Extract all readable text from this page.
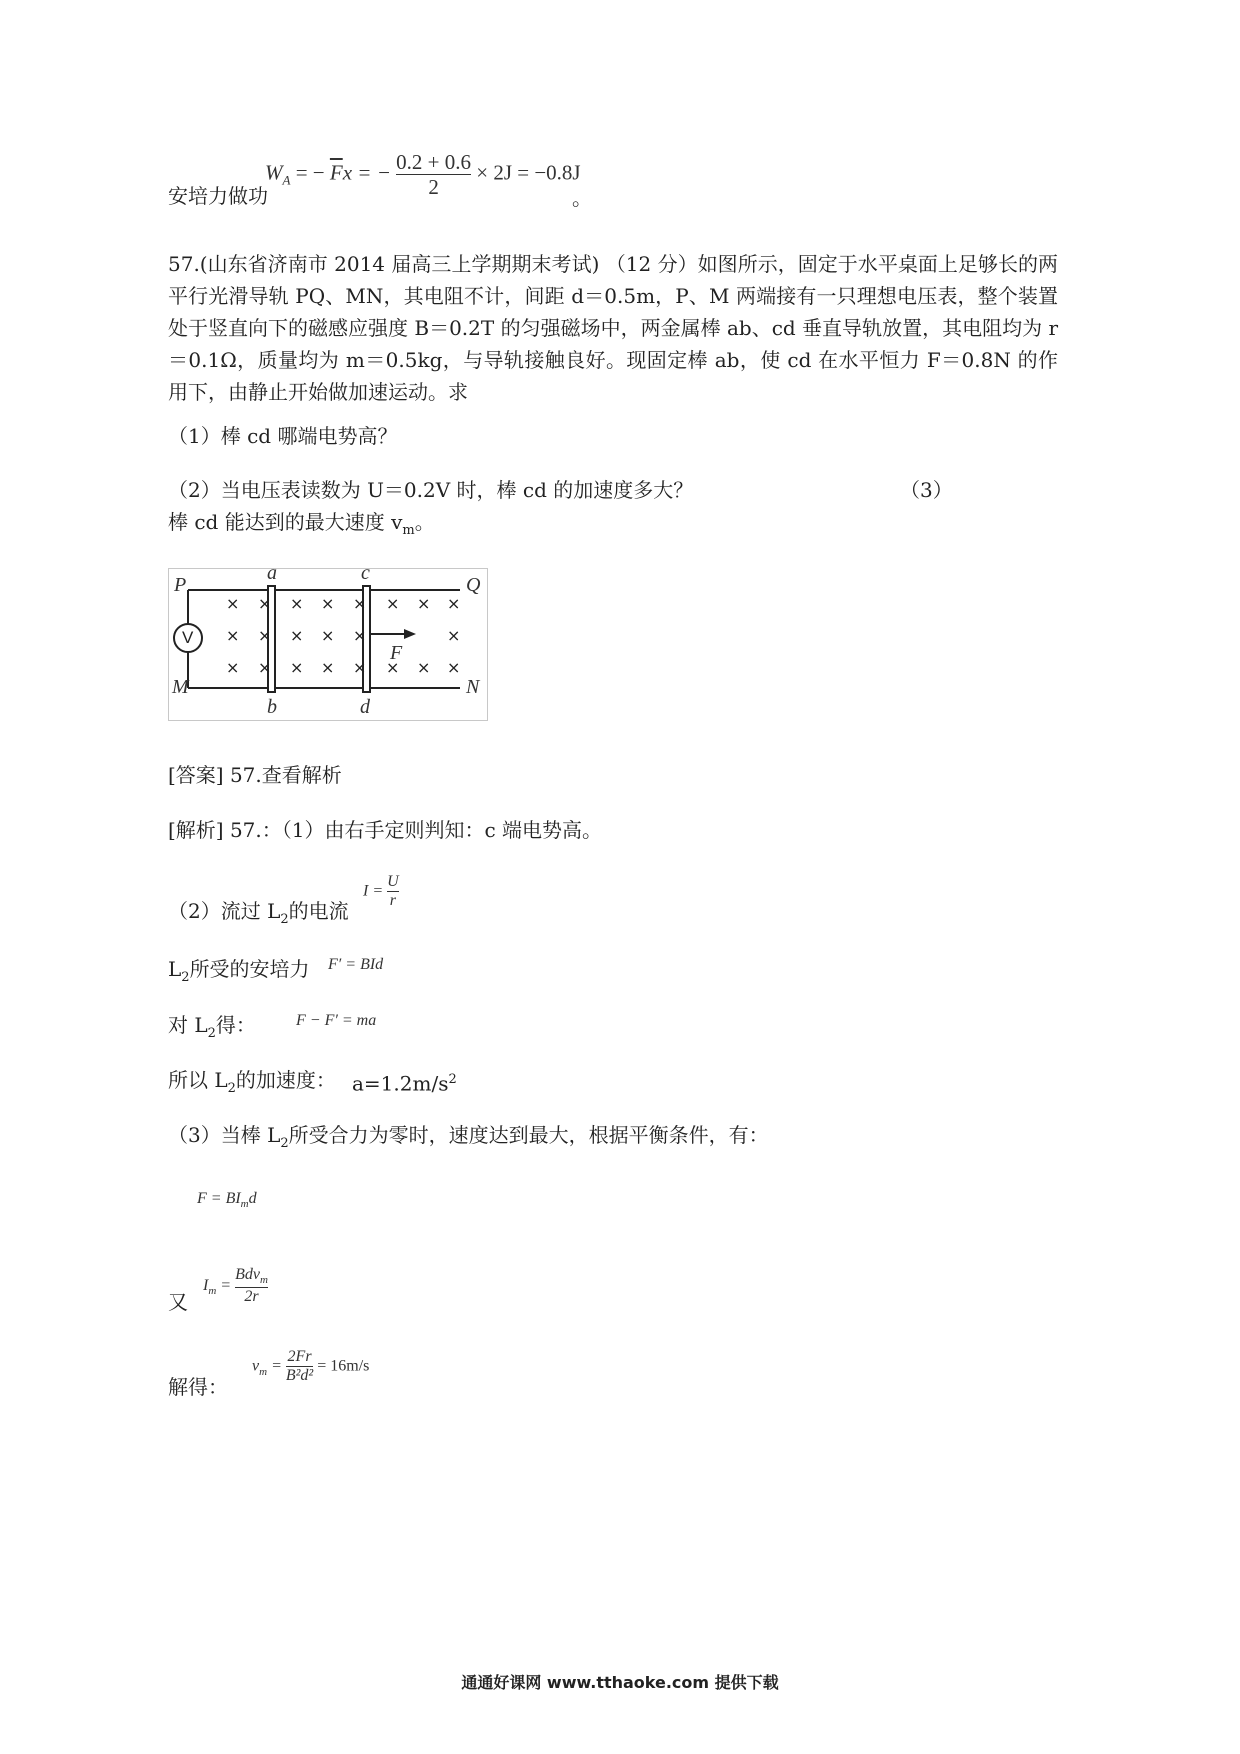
安培力做功
$W_A$ = − $\overline{F}x$ = − $\frac{0.2 + 0.6}{2} \times 2J = -0.8J$
。
57.(山东省济南市 2014 届高三上学期期末考试) （12 分）如图所示，固定于水平桌面上足够长的两平行光滑导轨 PQ、MN，其电阻不计，间距 d＝0.5m，P、M 两端接有一只理想电压表，整个装置处于竖直向下的磁感应强度 B＝0.2T 的匀强磁场中，两金属棒 ab、cd 垂直导轨放置，其电阻均为 r＝0.1Ω，质量均为 m＝0.5kg，与导轨接触良好。现固定棒 ab，使 cd 在水平恒力 F＝0.8N 的作用下，由静止开始做加速运动。求
（1）棒 cd 哪端电势高？
（2）当电压表读数为 U＝0.2V 时，棒 cd 的加速度多大？	（3）
棒 cd 能达到的最大速度 $v_m$。
V
P	Q
M	N
a
b
c
d
F
× × × × × × × ×
× × × × ×	×
× × × × × × × ×
[答案] 57.查看解析
[解析] 57.：（1）由右手定则判知：c 端电势高。
（2）流过 $L_2$的电流
$I = \frac{U}{r}$
$L_2$所受的安培力 F′ = BId
对 $L_2$得：	F − F′ = ma
所以 $L_2$的加速度： $a=1.2m/s^2$
（3）当棒 $L_2$所受合力为零时，速度达到最大，根据平衡条件，有：
$F = BI_md$
又
$I_m = \frac{Bdv_m}{2r}$
解得：
$v_m = \frac{2Fr}{\text{B²d²}} = 16m/s$
通通好课网 www.tthaoke.com 提供下载
